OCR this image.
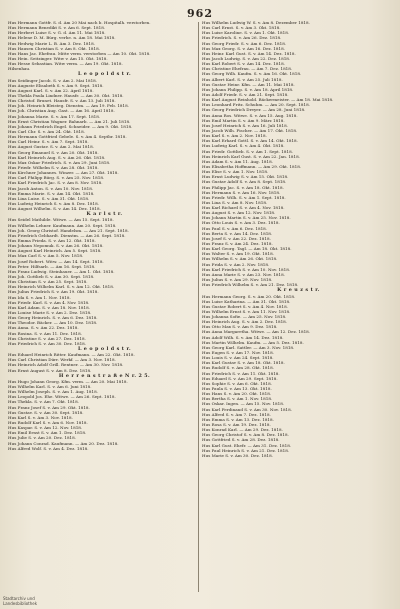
962
Hus Hermann Gottfr. S. d. Am 20 Mai nach b. Hospitalh. verstorben.
Hus Hermann Benedikt S. v. Am 6. Sept. 1818.
Hus Herbert Luise S. v. G. d. Am 11. Mai 1818.
Hus Helene D. M. Bürg. verhe. n. Am 18. Mai 1818.
Hus Hedwig Marie L. B. Am 3. Dez. 1818.
Hus Hausen Christian S. v. Am 8. Okt. 1818.
Hus Hans Jac. Ehefrau. Mitte verm. verstorben — Am 10. Okt. 1818.
Hus Hein. Seitzinger. Witw v. Am 15. Okt. 1818.
Hus Hesse Sebastian. Witw verm. — Am 19. Okt. 1818.
Hilsenhau.
L e o p o l d s t r.
Hus Seidinger Jacob. S. v. Am 2. Mai 1818.
Hus Auguste Elisabeth S. v. Am 9. Sept. 1818.
Hus August Karl. S. v. Am 22. April 1818.
Hus Thekla Paula Lindner. Hausfr. — Am 30. Okt. 1818.
Hus Christof. Brunet. Hausfr. S. v. Am 13. Juli 1818.
Hus Joh. Heinrich Bleisteg. Dienstm. — Am 19. Feb. 1818.
Hus Joh. Christian Aug. Gast. — Am 16. April 1818.
Hus Johanna Marie. S. v. Am 17. Sept. 1818.
Hus Ernst Christian Wagner. Bahnarb. — Am 21. Juli 1818.
Hus Johann Friedrich Engel. Schneider. — Am 9. Okt. 1818.
Hus Carl Chr. S. v. Am 24. Okt. 1818.
Hus Hermann Gottfried Gebele. S. v. Am 4. Septbr. 1818.
Hus Carl Heinr. S. v. Am 7. Sept. 1818.
Hus August Gustav. S. v. Am 2. Mai 1818.
Hus Georg Emanuel S. v. Am 20. Okt. 1818.
Hus Karl Heinrich Aug. S. v. Am 26. Okt. 1818.
Hus Max Oskar Friedrich. S. v. Am 29. Juni 1818.
Hus Friedr. Wilhelm S. v. Am 28. Okt. 1818.
Hus Kirchner Johannes. Winzer. — Am 27. Okt. 1818.
Hus Carl Philipp Bürg. S. v. Am 25. Nov. 1818.
Hus Karl Friedrich Jac. S. v. Am 8. Nov. 1818.
Hus Jacob Anton. S. v. Am 10. Nov. 1818.
Hus Emma Marie. S. v. Am 14. Okt. 1818.
Hus Lina Luise. S. v. Am 31. Okt. 1818.
Hus Ludwig Heinrich S. v. Am 8. Dez. 1818.
Hus August Wilhelm. S. v. Am 14. Dez. 1818.
K a r l s t r.
Hus Seidel Mathilde. Witwe. — Am 15. Sept. 1818.
Hus Wilhelm Lehner. Kaufmann. Am 20. Sept. 1818.
Hus Joh. Georg Christof. Handelsm. — Am 21. Sept. 1818.
Hus Friedrich Gebhardt. Dienstm. — Am 26. Sept. 1818.
Hus Emma Frieda. S. v. Am 12. Okt. 1818.
Hus Johann Nepomuk. S. v. Am 26. Okt. 1818.
Hus August Karl Heinrich. Am 5. Sept. 1818.
Hus Max Carl S. v. Am 5. Nov. 1818.
Hus Josef Robert. Witw. — Am 14. Sept. 1818.
Hus Peter. Hilfsarb. — Am 16. Sept. 1818.
Hus Franz Ludwig. Steinhauer. — Am 1. Okt. 1818.
Hus Joh. Gottlieb S. v. Am 30. Sept. 1818.
Hus Christian S. v. Am 25. Sept. 1818.
Hus Heinrich Wilhelm Karl. S. v. Am 12. Okt. 1818.
Hus Julius Friedrich S. v. Am 19. Okt. 1818.
Hus Ida S. v. Am 1. Nov. 1818.
Hus Friedr. Karl. S. v. Am 4. Nov. 1818.
Hus Karl Adam. S. v. Am 18. Nov. 1818.
Hus Louise Marie S. v. Am 2. Dez. 1818.
Hus Georg Heinrich. S. v. Am 6. Dez. 1818.
Hus Theodor. Bäcker. — Am 10. Dez. 1818.
Hus Anna. S. v. Am 22. Dez. 1818.
Hus Rosina. S. v. Am 11. Dez. 1818.
Hus Christine S. v. Am 27. Dez. 1818.
Hus Friedrich S. v. Am 30. Dez. 1818.
L e o p o l d s t r.
Hus Eduard Heinrich Ritter. Kaufmann. — Am 22. Okt. 1818.
Hus Carl Christian Dürr. Werkf. — Am 3. Nov. 1818.
Hus Heinrich Adolf Grill. Rentner. — Am 30. Nov. 1818.
Hus Ernst August S. v. Am 8. Dez. 1818.
H e r r e n s t r a ß e N r. 2 5.
Hus Hugo Johann Georg. Kfm. verm. — Am 20. Mai 1818.
Hus Wilhelm Karl. S. v. Am 6. Juni 1818.
Hus Wilhelm Joseph. S. v. Am 1. Aug. 1818.
Hus Leopold Jos. Ehe. Witwe. — Am 26. Sept. 1818.
Hus Thekla. S. v. Am 7. Okt. 1818.
Hus Franz Josef S. v. Am 29. Okt. 1818.
Hus Gustav. S. v. Am 30. Sept. 1818.
Hus Karl S. v. Am 3. Nov. 1818.
Hus Rudolf Karl S. v. Am 6. Nov. 1818.
Hus Kaspar. S. v. Am 12. Nov. 1818.
Hus Emil Ernst S. v. Am 1. Dez. 1818.
Hus Julie S. v. Am 20. Dez. 1818.
Hus Johann Conrad. Kaufmann. — Am 20. Dez. 1818.
Hus Alfred Wolf. S. v. Am 4. Dez. 1818.
Hus Wilhelm Ludwig W. S. v. Am 8. Dezember 1818.
Hus Carl Ernst. S. v. Am 3. Okt. 1818.
Hus Luise Karoline. S. v. Am 1. Okt. 1818.
Hus Friedrich. S. v. Am 26. Dez. 1818.
Hus Georg Friedr. S. v. Am 6. Dez. 1818.
Hus Max Georg. S. v. Am 16. Dez. 1818.
Hus Heinr. Karl Gust. S. v. Am 14. Dez. 1818.
Hus Jacob Ludwig. S. v. Am 22. Dez. 1818.
Hus Karl Robert S. v. Am 14. Dez. 1818.
Hus Christine Ehefrau. — Am 7. Dez. 1818.
Hus Georg Wilh. Kaufm. S. v. Am 16. Okt. 1818.
Hus Albert Karl. S. v. Am 25. Juli 1818.
Hus Gustav Heinr. Kfm. — Am 11. Mai 1818.
Hus Johann Philipp. S. v. Am 18. April 1818.
Hus Adolf Friedr. S. v. Am 21. Sept. 1818.
Hus Karl August Reinhold. Bäckermeister. — Am 18. Mai 1818.
Hus Leonhard Fritz. Schuhm. — Am 20. Sept. 1818.
Hus Georg Friedrich Dreyer. — Am 28. Juni 1818.
Hus Anna Ros. Witwe. S. v. Am 15. Aug. 1818.
Hus Emil Martin S. v. Am 9. März 1818.
Hus Josef Heinrich S. v. Am 16. Juli 1818.
Hus Jacob Wilh. Fischer. — Am 17. Okt. 1818.
Hus Karl S. v. Am 2. Nov. 1818.
Hus Karl Erhard Gottl. S. v. Am 14. Okt. 1818.
Hus Ludwig Karl. S. v. Am 4. Okt. 1818.
Hus Friedr. Gottlieb. S. v. Am 1. Sept. 1818.
Hus Heinrich Karl Gust. S. v. Am 22. Jan. 1818.
Hus Adam S. v. Am 11. Aug. 1818.
Hus Elisabetha Hoffmann. — Am 29. Okt. 1818.
Hus Elise S. v. Am 1. Nov. 1818.
Hus Ernst Ludwig S. v. Am 15. Okt. 1818.
Hus Gustav Adolf S. v. Am 8. Sept. 1818.
Hus Philipp Jac. S. v. Am 18. Okt. 1818.
Hus Hermann S. v. Am 16. Nov. 1818.
Hus Friedr. Wilh. S. v. Am 1. Sept. 1818.
Hus Lina S. v. Am 8. Nov. 1818.
Hus Karl Richard S. v. Am 4. Nov. 1818.
Hus August S. v. Am 12. Nov. 1818.
Hus Johann Martin S. v. Am 25. Nov. 1818.
Hus Otto Louis S. v. Am 3. Dez. 1818.
Hus Paul S. v. Am 6. Dez. 1818.
Hus Berta S. v. Am 14. Dez. 1818.
Hus Josef S. v. Am 22. Dez. 1818.
Hus Franz S. v. Am 24. Dez. 1818.
Hus Karl Georg. Tagl. — Am 18. Okt. 1818.
Hus Walter S. v. Am 19. Okt. 1818.
Hus Wilhelm S. v. Am 26. Okt. 1818.
Hus Frida S. v. Am 2. Nov. 1818.
Hus Karl Friedrich S. v. Am 10. Nov. 1818.
Hus Anna Marie S. v. Am 23. Nov. 1818.
Hus Julius S. v. Am 29. Nov. 1818.
Hus Friedrich Wilhelm S. v. Am 21. Dez. 1818.
K r e u z s t r.
Hus Hermann Georg. S. v. Am 20. Okt. 1818.
Hus Luise Katharina. — Am 31. Okt. 1818.
Hus Gustav Robert S. v. Am 4. Nov. 1818.
Hus Wilhelm Ernst S. v. Am 11. Nov. 1818.
Hus Johanna Sofie. — Am 25. Nov. 1818.
Hus Heinrich Aug. S. v. Am 2. Dez. 1818.
Hus Otto Max S. v. Am 9. Dez. 1818.
Hus Anna Margaretha. Witwe. — Am 12. Dez. 1818.
Hus Adolf Wilh. S. v. Am 14. Dez. 1818.
Hus Martin Wilhelm. Kaufm. — Am 5. Dez. 1818.
Hus Georg Karl. Sattler. — Am 3. Nov. 1818.
Hus Eugen S. v. Am 17. Nov. 1818.
Hus Louis S. v. Am 24. Sept. 1818.
Hus Karl Gustav S. v. Am 18. Okt. 1818.
Hus Rudolf S. v. Am 28. Okt. 1818.
Hus Friedrich S. v. Am 11. Okt. 1818.
Hus Eduard S. v. Am 29. Sept. 1818.
Hus Sophie S. v. Am 6. Okt. 1818.
Hus Paula S. v. Am 13. Okt. 1818.
Hus Hans S. v. Am 20. Okt. 1818.
Hus Bertha S. v. Am 1. Nov. 1818.
Hus Oskar. Ingen. — Am 15. Nov. 1818.
Hus Karl Ferdinand S. v. Am 30. Nov. 1818.
Hus Alfred S. v. Am 7. Dez. 1818.
Hus Emma S. v. Am 13. Dez. 1818.
Hus Rosa S. v. Am 19. Dez. 1818.
Hus Konrad Karl. — Am 29. Dez. 1818.
Hus Georg Christof S. v. Am 8. Dez. 1818.
Hus Gottfried S. v. Am 28. Dez. 1818.
Hus Karl Gust. Ehefr. — Am 31. Dez. 1818.
Hus Paul Heinrich S. v. Am 21. Dez. 1818.
Hus Marie S. v. Am 30. Dez. 1818.
Stadtarchiv und
Landesbibliothek
